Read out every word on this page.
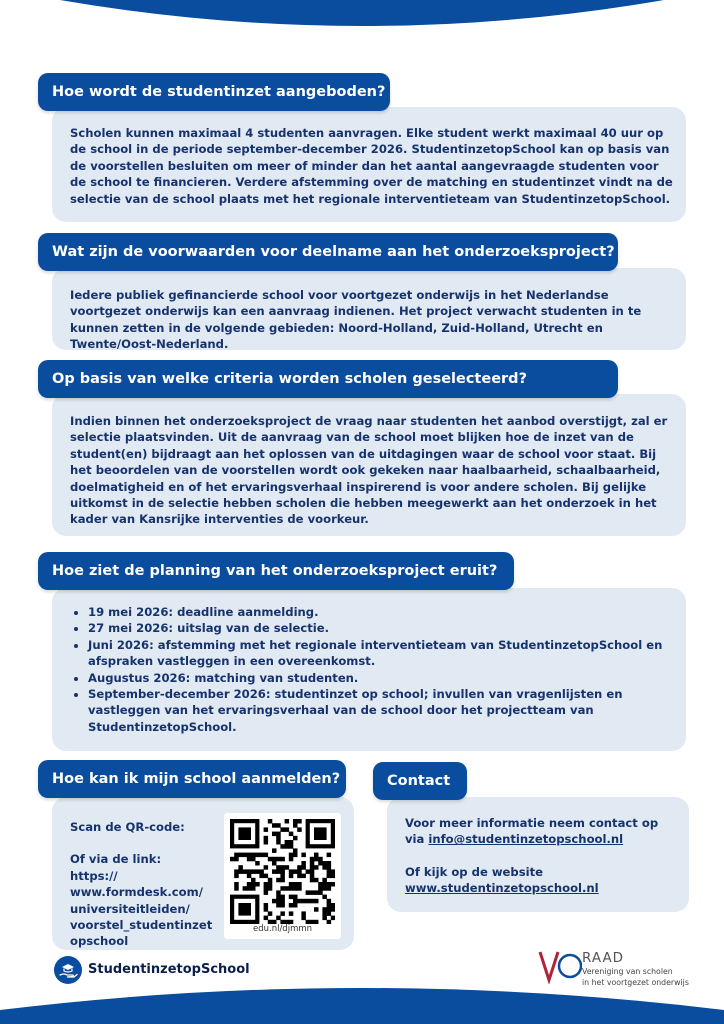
Hoe wordt de studentinzet aangeboden?

Scholen kunnen maximaal 4 studenten aanvragen. Elke student werkt maximaal 40 uur op de school in de periode september-december 2026. StudentinzetopSchool kan op basis van de voorstellen besluiten om meer of minder dan het aantal aangevraagde studenten voor de school te financieren. Verdere afstemming over de matching en studentinzet vindt na de selectie van de school plaats met het regionale interventieteam van StudentinzetopSchool.

Wat zijn de voorwaarden voor deelname aan het onderzoeksproject?

Iedere publiek gefinancierde school voor voortgezet onderwijs in het Nederlandse voortgezet onderwijs kan een aanvraag indienen. Het project verwacht studenten in te kunnen zetten in de volgende gebieden: Noord-Holland, Zuid-Holland, Utrecht en Twente/Oost-Nederland.

Op basis van welke criteria worden scholen geselecteerd?

Indien binnen het onderzoeksproject de vraag naar studenten het aanbod overstijgt, zal er selectie plaatsvinden. Uit de aanvraag van de school moet blijken hoe de inzet van de student(en) bijdraagt aan het oplossen van de uitdagingen waar de school voor staat. Bij het beoordelen van de voorstellen wordt ook gekeken naar haalbaarheid, schaalbaarheid, doelmatigheid en of het ervaringsverhaal inspirerend is voor andere scholen. Bij gelijke uitkomst in de selectie hebben scholen die hebben meegewerkt aan het onderzoek in het kader van Kansrijke interventies de voorkeur.

Hoe ziet de planning van het onderzoeksproject eruit?
• 19 mei 2026: deadline aanmelding.
• 27 mei 2026: uitslag van de selectie.
• Juni 2026: afstemming met het regionale interventieteam van StudentinzetopSchool en afspraken vastleggen in een overeenkomst.
• Augustus 2026: matching van studenten.
• September-december 2026: studentinzet op school; invullen van vragenlijsten en vastleggen van het ervaringsverhaal van de school door het projectteam van StudentinzetopSchool.
Hoe kan ik mijn school aanmelden?
Scan de QR-code:
Of via de link:
https://
www.formdesk.com/
universiteitleiden/
voorstel_studentinzet
opschool
edu.nl/djmmn
Contact
Voor meer informatie neem contact op via info@studentinzetopschool.nl
Of kijk op de website
www.studentinzetopschool.nl
StudentinzetopSchool
RAAD
Vereniging van scholen
in het voortgezet onderwijs
